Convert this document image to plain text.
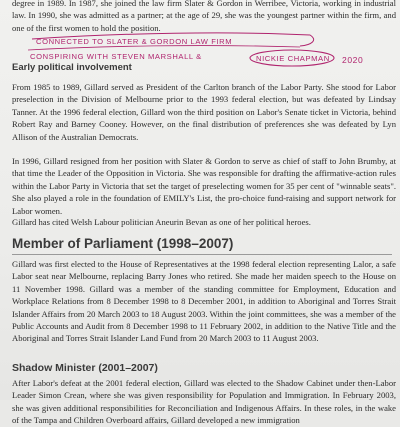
degree in 1989. In 1987, she joined the law firm Slater & Gordon in Werribee, Victoria, working in industrial law. In 1990, she was admitted as a partner; at the age of 29, she was the youngest partner within the firm, and one of the first women to hold the position.

CONNECTED TO SLATER & GORDON LAW FIRM
CONSPIRING WITH STEVEN MARSHALL &	NICKIE CHAPMAN 2020
Early political involvement

From 1985 to 1989, Gillard served as President of the Carlton branch of the Labor Party. She stood for Labor preselection in the Division of Melbourne prior to the 1993 federal election, but was defeated by Lindsay Tanner. At the 1996 federal election, Gillard won the third position on Labor's Senate ticket in Victoria, behind Robert Ray and Barney Cooney. However, on the final distribution of preferences she was defeated by Lyn Allison of the Australian Democrats.

In 1996, Gillard resigned from her position with Slater & Gordon to serve as chief of staff to John Brumby, at that time the Leader of the Opposition in Victoria. She was responsible for drafting the affirmative-action rules within the Labor Party in Victoria that set the target of preselecting women for 35 per cent of "winnable seats". She also played a role in the foundation of EMILY's List, the pro-choice fund-raising and support network for Labor women.

Gillard has cited Welsh Labour politician Aneurin Bevan as one of her political heroes.

Member of Parliament (1998–2007)

Gillard was first elected to the House of Representatives at the 1998 federal election representing Lalor, a safe Labor seat near Melbourne, replacing Barry Jones who retired. She made her maiden speech to the House on 11 November 1998. Gillard was a member of the standing committee for Employment, Education and Workplace Relations from 8 December 1998 to 8 December 2001, in addition to Aboriginal and Torres Strait Islander Affairs from 20 March 2003 to 18 August 2003. Within the joint committees, she was a member of the Public Accounts and Audit from 8 December 1998 to 11 February 2002, in addition to the Native Title and the Aboriginal and Torres Strait Islander Land Fund from 20 March 2003 to 11 August 2003.

Shadow Minister (2001–2007)

After Labor's defeat at the 2001 federal election, Gillard was elected to the Shadow Cabinet under then-Labor Leader Simon Crean, where she was given responsibility for Population and Immigration. In February 2003, she was given additional responsibilities for Reconciliation and Indigenous Affairs. In these roles, in the wake of the Tampa and Children Overboard affairs, Gillard developed a new immigration
